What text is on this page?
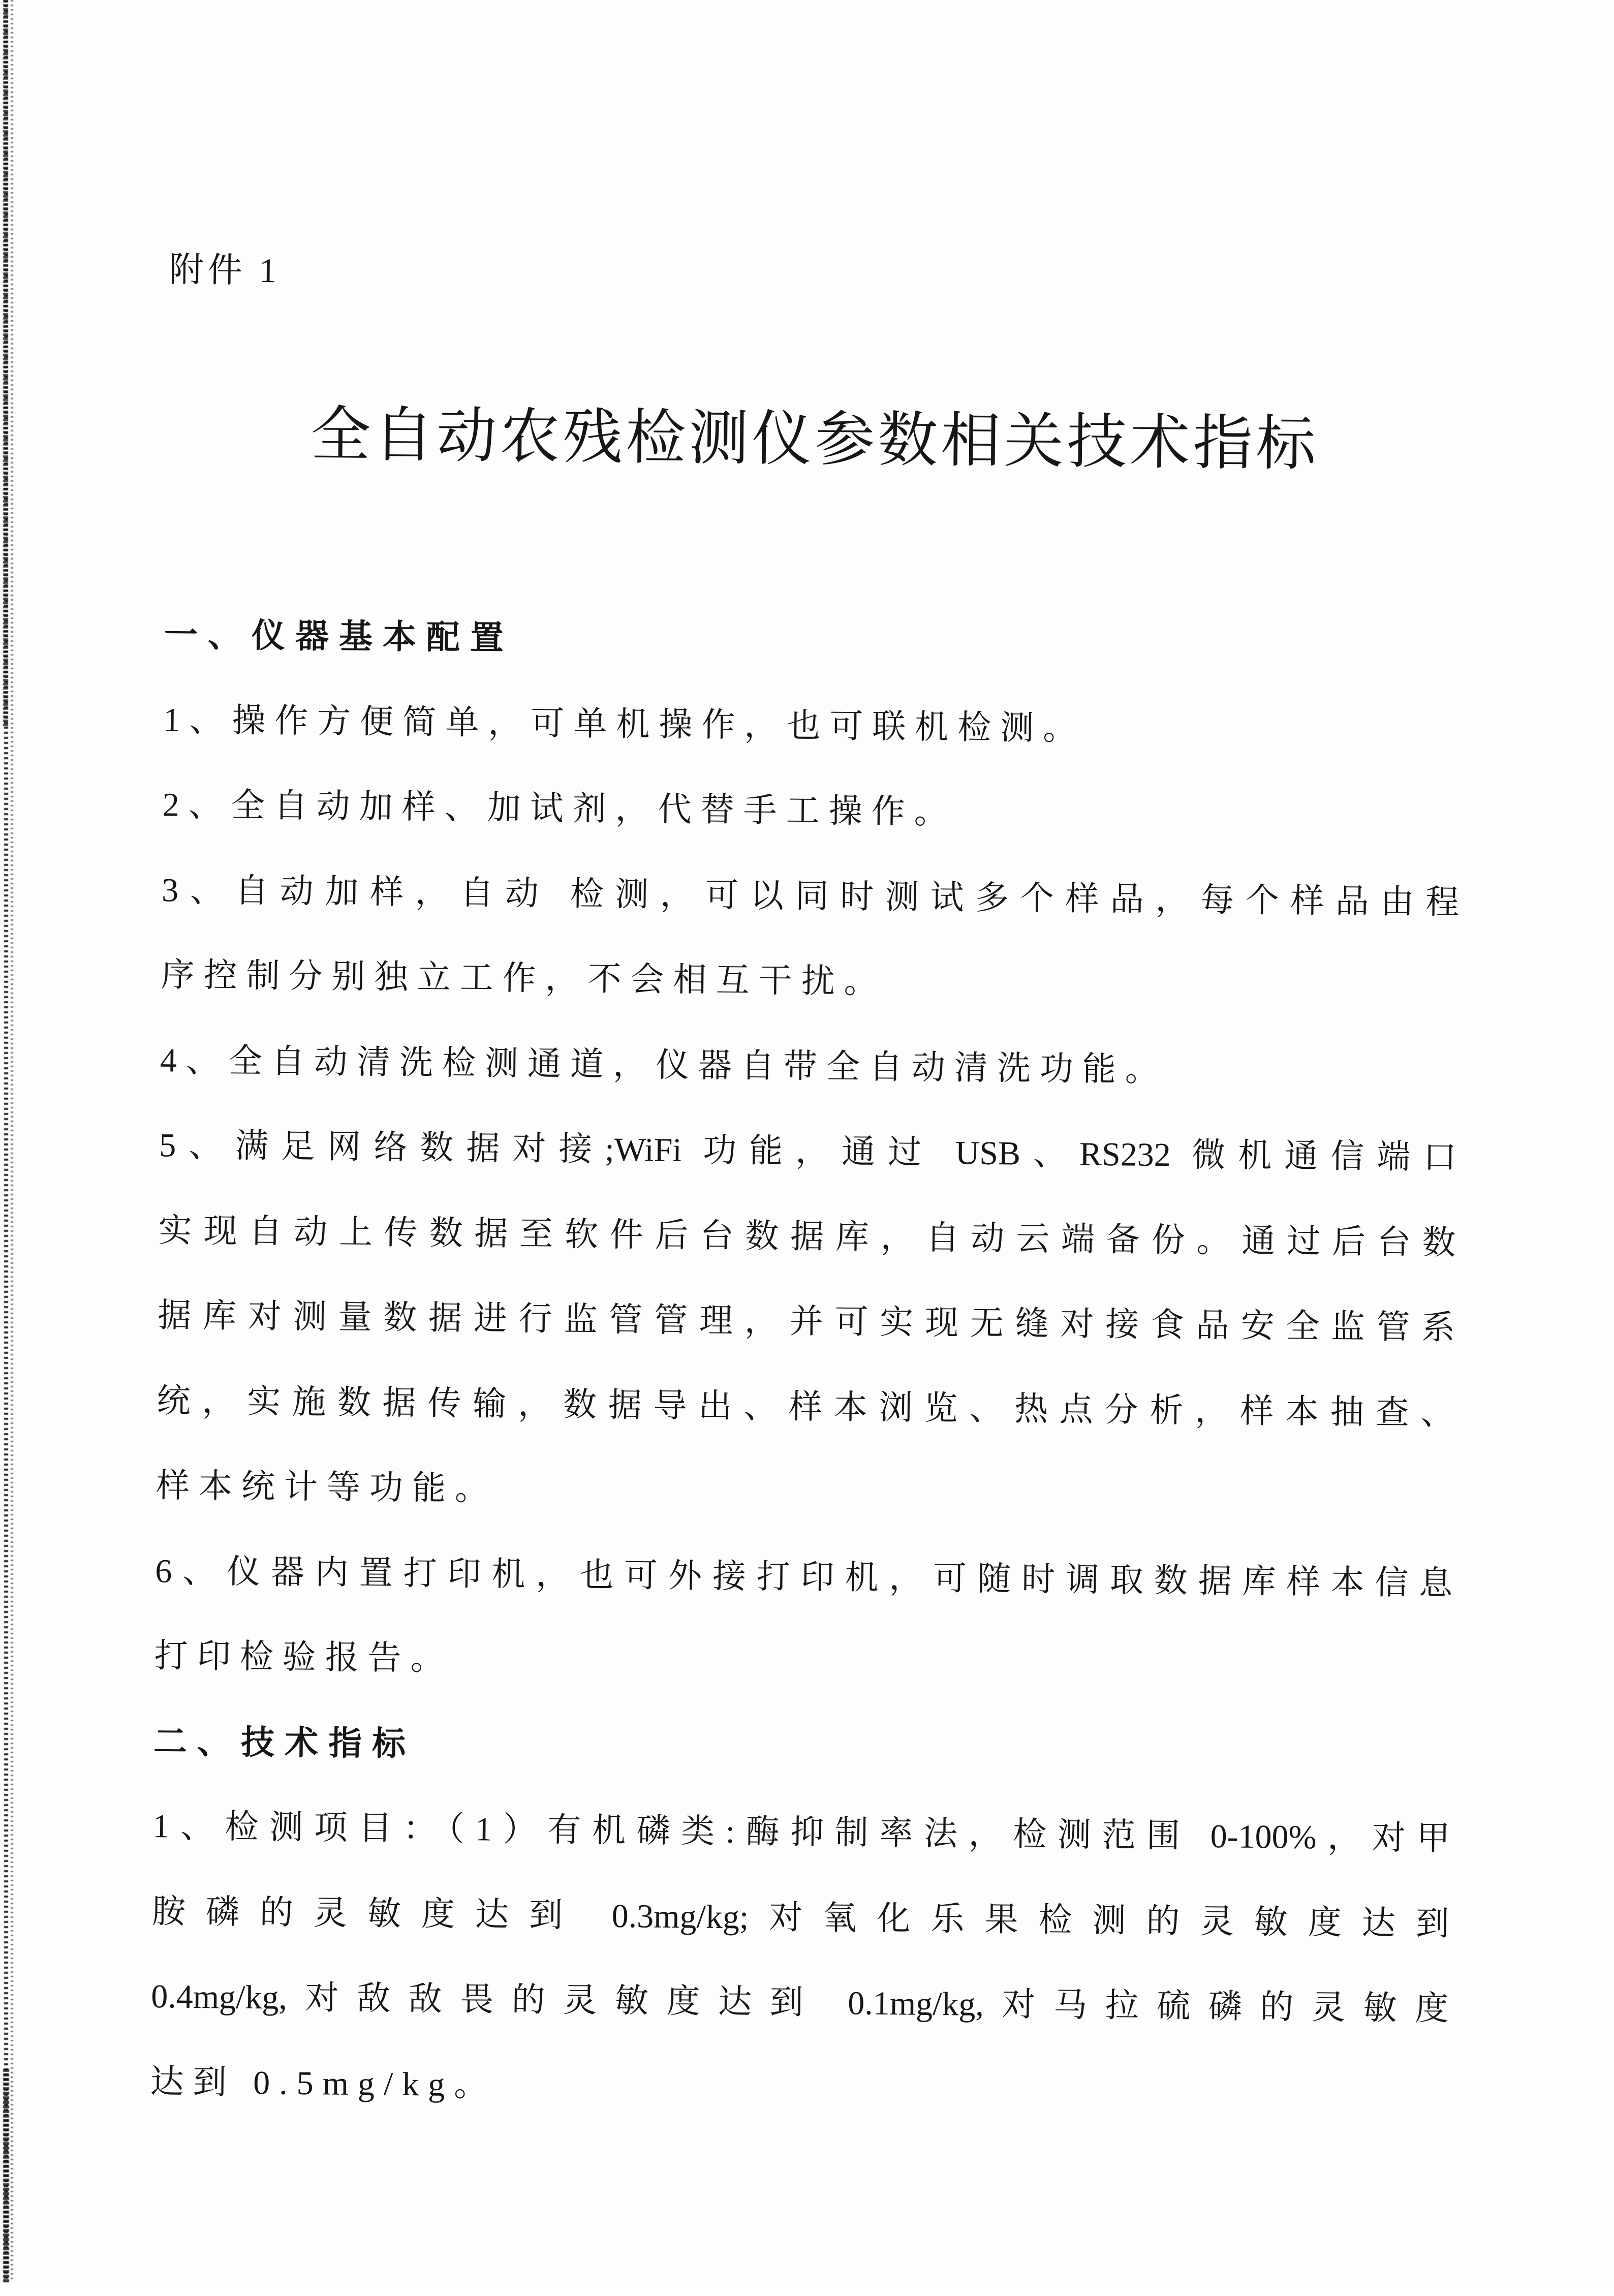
附件 1
全自动农残检测仪参数相关技术指标
一、仪器基本配置
1、操作方便简单，可单机操作，也可联机检测。
2、全自动加样、加试剂，代替手工操作。
3、自动加样，自动 检测，可以同时测试多个样品，每个样品由程
序控制分别独立工作，不会相互干扰。
4、全自动清洗检测通道，仪器自带全自动清洗功能。
5、满足网络数据对接;WiFi 功能，通过 USB、RS232 微机通信端口
实现自动上传数据至软件后台数据库，自动云端备份。通过后台数
据库对测量数据进行监管管理，并可实现无缝对接食品安全监管系
统，实施数据传输，数据导出、样本浏览、热点分析，样本抽查、
样本统计等功能。
6、仪器内置打印机，也可外接打印机，可随时调取数据库样本信息
打印检验报告。
二、技术指标
1、检测项目：（1）有机磷类:酶抑制率法，检测范围 0-100%，对甲
胺磷的灵敏度达到 0.3mg/kg;对氧化乐果检测的灵敏度达到
0.4mg/kg,对敌敌畏的灵敏度达到 0.1mg/kg,对马拉硫磷的灵敏度
达到 0.5mg/kg。
